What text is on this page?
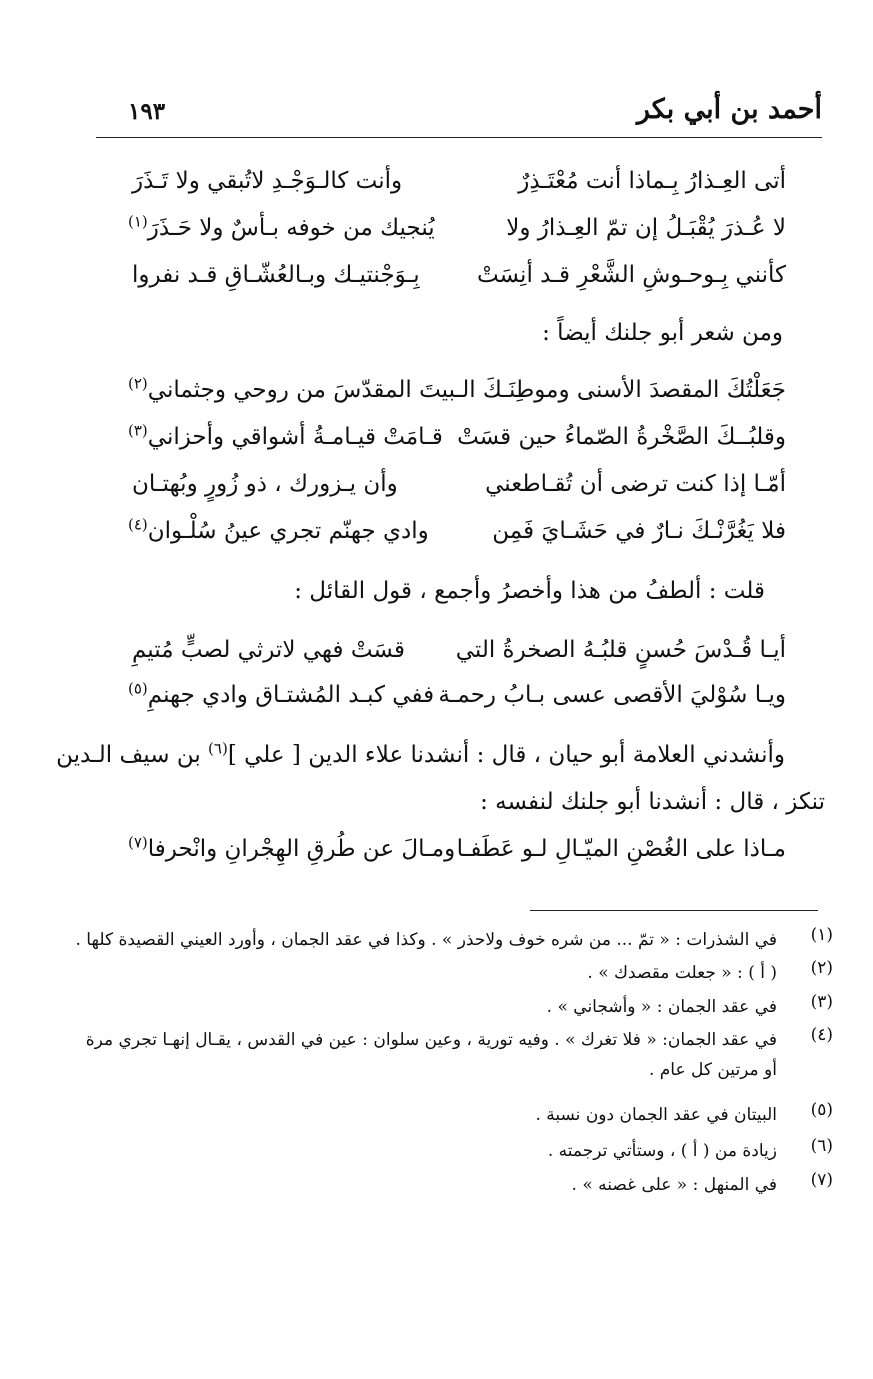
أحمد بن أبي بكر
١٩٣
أتى العِـذارُ بِـماذا أنت مُعْتَـذِرٌ
وأنت كالـوَجْـدِ لاتُبقي ولا تَـذَرَ
لا عُـذرَ يُقْبَـلُ إن تمّ العِـذارُ ولا
يُنجيك من خوفه بـأسٌ ولا حَـذَرَ$^{(١)}$
كأنني بِـوحـوشِ الشَّعْرِ قـد أنِسَتْ
بِـوَجْنتيـك وبـالعُشّـاقِ قـد نفروا
ومن شعر أبو جلنك أيضاً :
جَعَلْتُكَ المقصدَ الأسنى وموطِنَـكَ الـ
ـبيتَ المقدّسَ من روحي وجثماني$^{(٢)}$
وقلبُــكَ الصَّخْرةُ الصّماءُ حين قسَتْ
قـامَتْ قيـامـةُ أشواقي وأحزاني$^{(٣)}$
أمّـا إذا كنت ترضى أن تُقـاطعني
وأن يـزورك ، ذو زُورٍ وبُهتـان
فلا يَغُرَّنْـكَ نـارٌ في حَشَـايَ فَمِن
وادي جهنّم تجري عينُ سُلْـوان$^{(٤)}$
قلت : ألطفُ من هذا وأخصرُ وأجمع ، قول القائل :
أيـا قُـدْسَ حُسنٍ قلبُـهُ الصخرةُ التي
قسَتْ فهي لاترثي لصبٍّ مُتيمِ
ويـا سُوْليَ الأقصى عسى بـابُ رحمـة
ففي كبـد المُشتـاق وادي جهنمِ$^{(٥)}$
وأنشدني العلامة أبو حيان ، قال : أنشدنا علاء الدين [ علي ]$^{(٦)}$ بن سيف الـدين
تنكز ، قال : أنشدنا أبو جلنك لنفسه :
مـاذا على الغُصْنِ الميّـالِ لـو عَطَفـا
ومـالَ عن طُرقِ الهِجْرانِ وانْحرفا$^{(٧)}$
(١)
في الشذرات : « تمّ ... من شره خوف ولاحذر » . وكذا في عقد الجمان ، وأورد العيني القصيدة كلها .
(٢)
( أ ) : « جعلت مقصدك » .
(٣)
في عقد الجمان : « وأشجاني » .
(٤)
في عقد الجمان: « فلا تغرك » . وفيه تورية ، وعين سلوان : عين في القدس ، يقـال إنهـا تجري مرة أو مرتين كل عام .
(٥)
البيتان في عقد الجمان دون نسبة .
(٦)
زيادة من ( أ ) ، وستأتي ترجمته .
(٧)
في المنهل : « على غصنه » .
